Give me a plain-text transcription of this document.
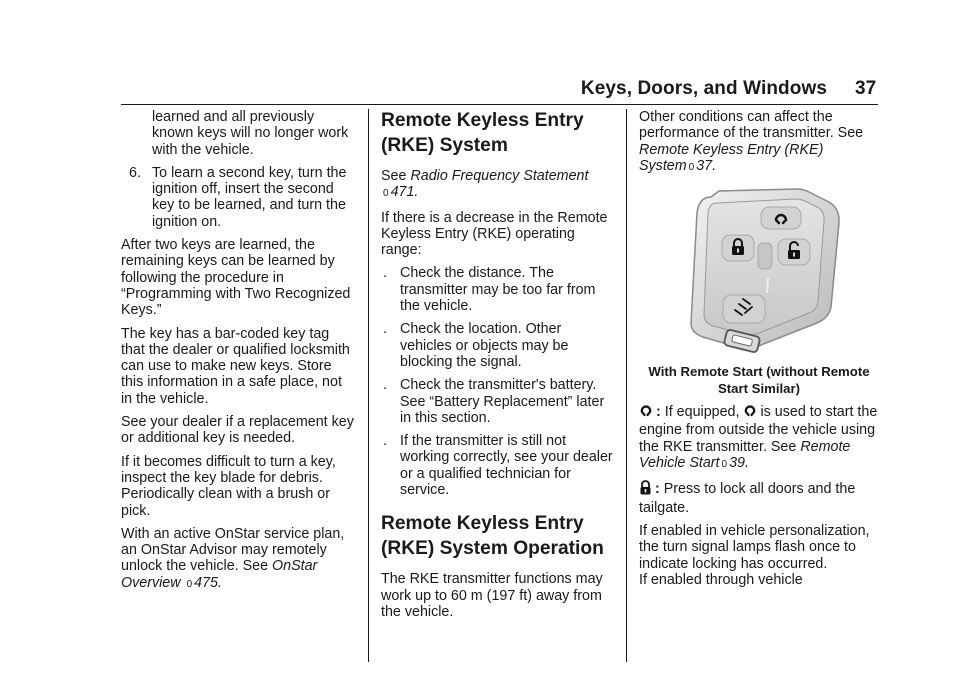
Keys, Doors, and Windows 37

learned and all previously known keys will no longer work with the vehicle.

6. To learn a second key, turn the ignition off, insert the second key to be learned, and turn the ignition on.

After two keys are learned, the remaining keys can be learned by following the procedure in “Programming with Two Recognized Keys.”

The key has a bar-coded key tag that the dealer or qualified locksmith can use to make new keys. Store this information in a safe place, not in the vehicle.

See your dealer if a replacement key or additional key is needed.

If it becomes difficult to turn a key, inspect the key blade for debris. Periodically clean with a brush or pick.

With an active OnStar service plan, an OnStar Advisor may remotely unlock the vehicle. See OnStar Overview 0 475.

Remote Keyless Entry (RKE) System

See Radio Frequency Statement
0 471.

If there is a decrease in the Remote Keyless Entry (RKE) operating range:

. Check the distance. The transmitter may be too far from the vehicle.

. Check the location. Other vehicles or objects may be blocking the signal.

. Check the transmitter's battery. See “Battery Replacement” later in this section.

. If the transmitter is still not working correctly, see your dealer or a qualified technician for service.

Remote Keyless Entry (RKE) System Operation

The RKE transmitter functions may work up to 60 m (197 ft) away from the vehicle.

Other conditions can affect the performance of the transmitter. See Remote Keyless Entry (RKE) System 0 37.

With Remote Start (without Remote Start Similar)

: If equipped, is used to start the engine from outside the vehicle using the RKE transmitter. See Remote Vehicle Start 0 39.

: Press to lock all doors and the tailgate.

If enabled in vehicle personalization, the turn signal lamps flash once to indicate locking has occurred.

If enabled through vehicle
